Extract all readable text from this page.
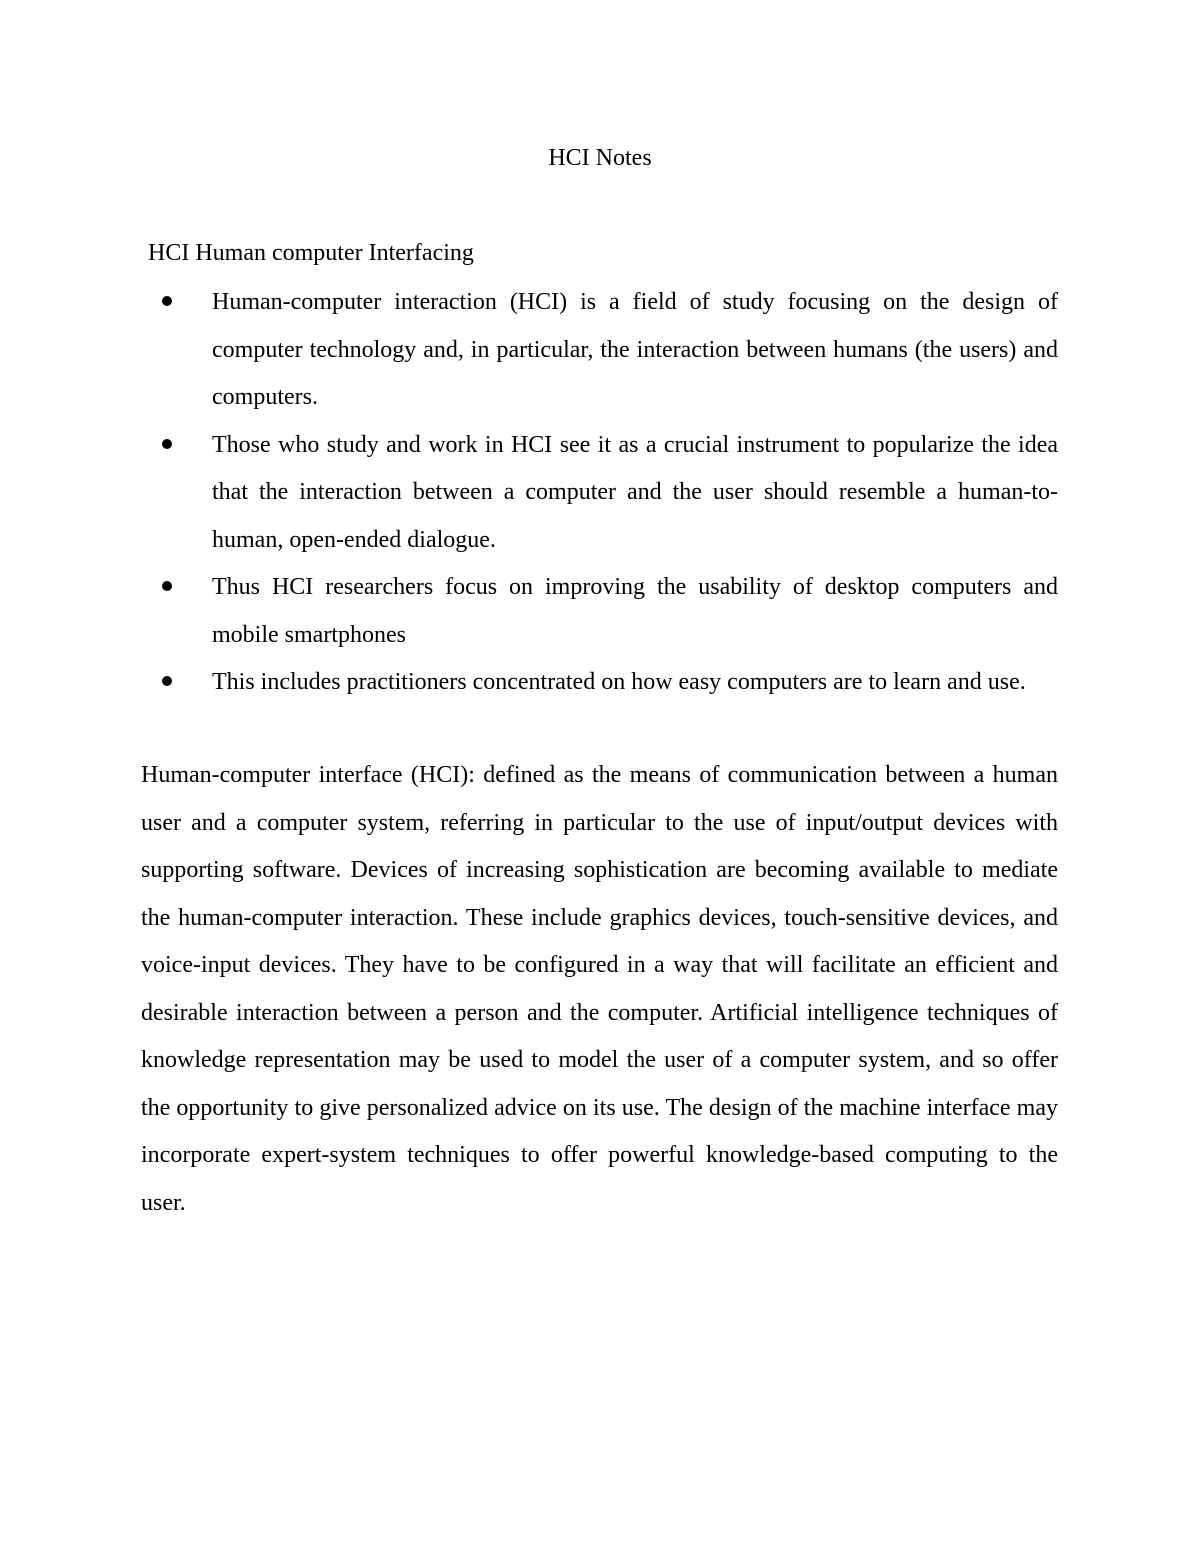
HCI Notes
HCI Human computer Interfacing
Human-computer interaction (HCI) is a field of study focusing on the design of computer technology and, in particular, the interaction between humans (the users) and computers.
Those who study and work in HCI see it as a crucial instrument to popularize the idea that the interaction between a computer and the user should resemble a human-to-human, open-ended dialogue.
Thus HCI researchers focus on improving the usability of desktop computers and mobile smartphones
This includes practitioners concentrated on how easy computers are to learn and use.

Human-computer interface (HCI): defined as the means of communication between a human user and a computer system, referring in particular to the use of input/output devices with supporting software. Devices of increasing sophistication are becoming available to mediate the human-computer interaction. These include graphics devices, touch-sensitive devices, and voice-input devices. They have to be configured in a way that will facilitate an efficient and desirable interaction between a person and the computer. Artificial intelligence techniques of knowledge representation may be used to model the user of a computer system, and so offer the opportunity to give personalized advice on its use. The design of the machine interface may incorporate expert-system techniques to offer powerful knowledge-based computing to the user.
